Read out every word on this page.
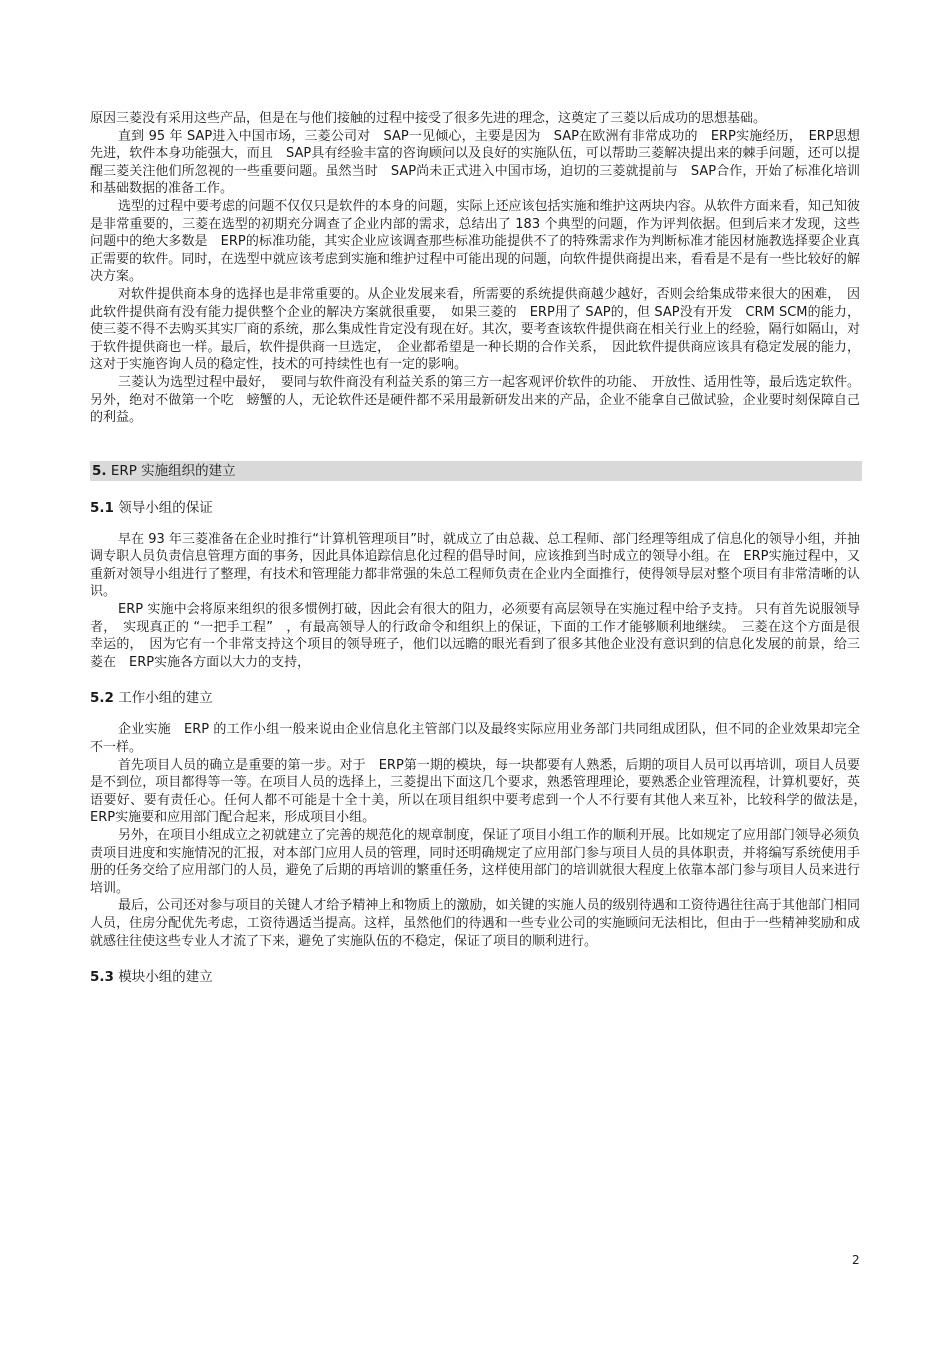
原因三菱没有采用这些产品，但是在与他们接触的过程中接受了很多先进的理念，这奠定了三菱以后成功的思想基础。

直到 95 年 SAP进入中国市场，三菱公司对　SAP一见倾心，主要是因为　SAP在欧洲有非常成功的　ERP实施经历，　ERP思想先进，软件本身功能强大，而且　SAP具有经验丰富的咨询顾问以及良好的实施队伍，可以帮助三菱解决提出来的棘手问题，还可以提醒三菱关注他们所忽视的一些重要问题。虽然当时　SAP尚未正式进入中国市场，迫切的三菱就提前与　SAP合作，开始了标准化培训和基础数据的准备工作。

选型的过程中要考虑的问题不仅仅只是软件的本身的问题，实际上还应该包括实施和维护这两块内容。从软件方面来看，知己知彼是非常重要的，三菱在选型的初期充分调查了企业内部的需求，总结出了 183 个典型的问题，作为评判依据。但到后来才发现，这些问题中的绝大多数是　ERP的标准功能，其实企业应该调查那些标准功能提供不了的特殊需求作为判断标准才能因材施教选择要企业真正需要的软件。同时，在选型中就应该考虑到实施和维护过程中可能出现的问题，向软件提供商提出来，看看是不是有一些比较好的解决方案。

对软件提供商本身的选择也是非常重要的。从企业发展来看，所需要的系统提供商越少越好，否则会给集成带来很大的困难，　因此软件提供商有没有能力提供整个企业的解决方案就很重要，　如果三菱的　ERP用了 SAP的，但 SAP没有开发　CRM SCM的能力，使三菱不得不去购买其实厂商的系统，那么集成性肯定没有现在好。其次，要考查该软件提供商在相关行业上的经验，隔行如隔山，对于软件提供商也一样。最后，软件提供商一旦选定，　企业都希望是一种长期的合作关系，　因此软件提供商应该具有稳定发展的能力，这对于实施咨询人员的稳定性，技术的可持续性也有一定的影响。

三菱认为选型过程中最好，　要同与软件商没有利益关系的第三方一起客观评价软件的功能、　开放性、适用性等，最后选定软件。另外，绝对不做第一个吃　螃蟹的人，无论软件还是硬件都不采用最新研发出来的产品，企业不能拿自己做试验，企业要时刻保障自己的利益。

5. ERP 实施组织的建立
5.1 领导小组的保证

早在 93 年三菱准备在企业时推行“计算机管理项目”时，就成立了由总裁、总工程师、部门经理等组成了信息化的领导小组，并抽调专职人员负责信息管理方面的事务，因此具体追踪信息化过程的倡导时间，应该推到当时成立的领导小组。在　ERP实施过程中，又重新对领导小组进行了整理，有技术和管理能力都非常强的朱总工程师负责在企业内全面推行，使得领导层对整个项目有非常清晰的认识。

ERP 实施中会将原来组织的很多惯例打破，因此会有很大的阻力，必须要有高层领导在实施过程中给予支持。 只有首先说服领导者，　实现真正的 “一把手工程”　，有最高领导人的行政命令和组织上的保证，下面的工作才能够顺利地继续。　三菱在这个方面是很幸运的，　因为它有一个非常支持这个项目的领导班子，他们以远瞻的眼光看到了很多其他企业没有意识到的信息化发展的前景，给三菱在　ERP实施各方面以大力的支持，

5.2 工作小组的建立

企业实施　ERP 的工作小组一般来说由企业信息化主管部门以及最终实际应用业务部门共同组成团队，但不同的企业效果却完全不一样。

首先项目人员的确立是重要的第一步。对于　ERP第一期的模块，每一块都要有人熟悉，后期的项目人员可以再培训，项目人员要是不到位，项目都得等一等。在项目人员的选择上，三菱提出下面这几个要求，熟悉管理理论，要熟悉企业管理流程，计算机要好，英语要好、要有责任心。任何人都不可能是十全十美，所以在项目组织中要考虑到一个人不行要有其他人来互补，比较科学的做法是，　ERP实施要和应用部门配合起来，形成项目小组。

另外，在项目小组成立之初就建立了完善的规范化的规章制度，保证了项目小组工作的顺利开展。比如规定了应用部门领导必须负责项目进度和实施情况的汇报，对本部门应用人员的管理，同时还明确规定了应用部门参与项目人员的具体职责，并将编写系统使用手册的任务交给了应用部门的人员，避免了后期的再培训的繁重任务，这样使用部门的培训就很大程度上依靠本部门参与项目人员来进行培训。

最后，公司还对参与项目的关键人才给予精神上和物质上的激励，如关键的实施人员的级别待遇和工资待遇往往高于其他部门相同人员，住房分配优先考虑，工资待遇适当提高。这样，虽然他们的待遇和一些专业公司的实施顾问无法相比，但由于一些精神奖励和成就感往往使这些专业人才流了下来，避免了实施队伍的不稳定，保证了项目的顺利进行。

5.3 模块小组的建立
2
